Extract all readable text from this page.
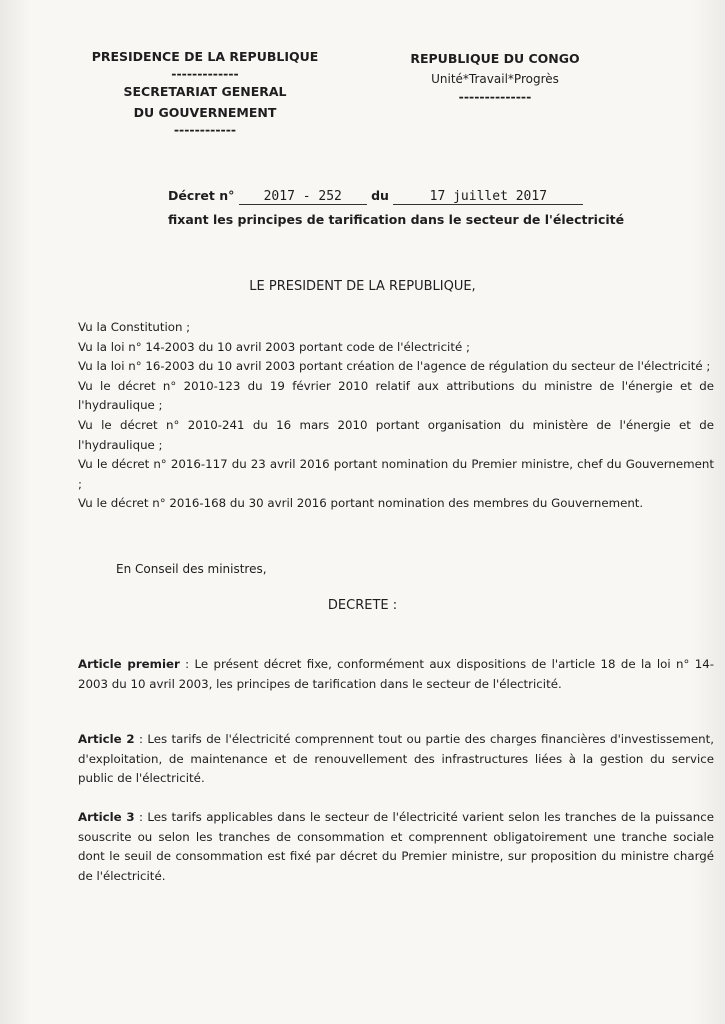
PRESIDENCE DE LA REPUBLIQUE
-------------
SECRETARIAT GENERAL
DU GOUVERNEMENT
------------
REPUBLIQUE DU CONGO
Unité*Travail*Progrès
--------------
Décret n° 2017 - 252 du	17 juillet 2017
fixant les principes de tarification dans le secteur de l'électricité
LE PRESIDENT DE LA REPUBLIQUE,

Vu la Constitution ;

Vu la loi n° 14-2003 du 10 avril 2003 portant code de l'électricité ;

Vu la loi n° 16-2003 du 10 avril 2003 portant création de l'agence de régulation du secteur de l'électricité ;

Vu le décret n° 2010-123 du 19 février 2010 relatif aux attributions du ministre de l'énergie et de l'hydraulique ;

Vu le décret n° 2010-241 du 16 mars 2010 portant organisation du ministère de l'énergie et de l'hydraulique ;

Vu le décret n° 2016-117 du 23 avril 2016 portant nomination du Premier ministre, chef du Gouvernement ;

Vu le décret n° 2016-168 du 30 avril 2016 portant nomination des membres du Gouvernement.

En Conseil des ministres,
DECRETE :

Article premier : Le présent décret fixe, conformément aux dispositions de l'article 18 de la loi n° 14-2003 du 10 avril 2003, les principes de tarification dans le secteur de l'électricité.

Article 2 : Les tarifs de l'électricité comprennent tout ou partie des charges financières d'investissement, d'exploitation, de maintenance et de renouvellement des infrastructures liées à la gestion du service public de l'électricité.

Article 3 : Les tarifs applicables dans le secteur de l'électricité varient selon les tranches de la puissance souscrite ou selon les tranches de consommation et comprennent obligatoirement une tranche sociale dont le seuil de consommation est fixé par décret du Premier ministre, sur proposition du ministre chargé de l'électricité.
